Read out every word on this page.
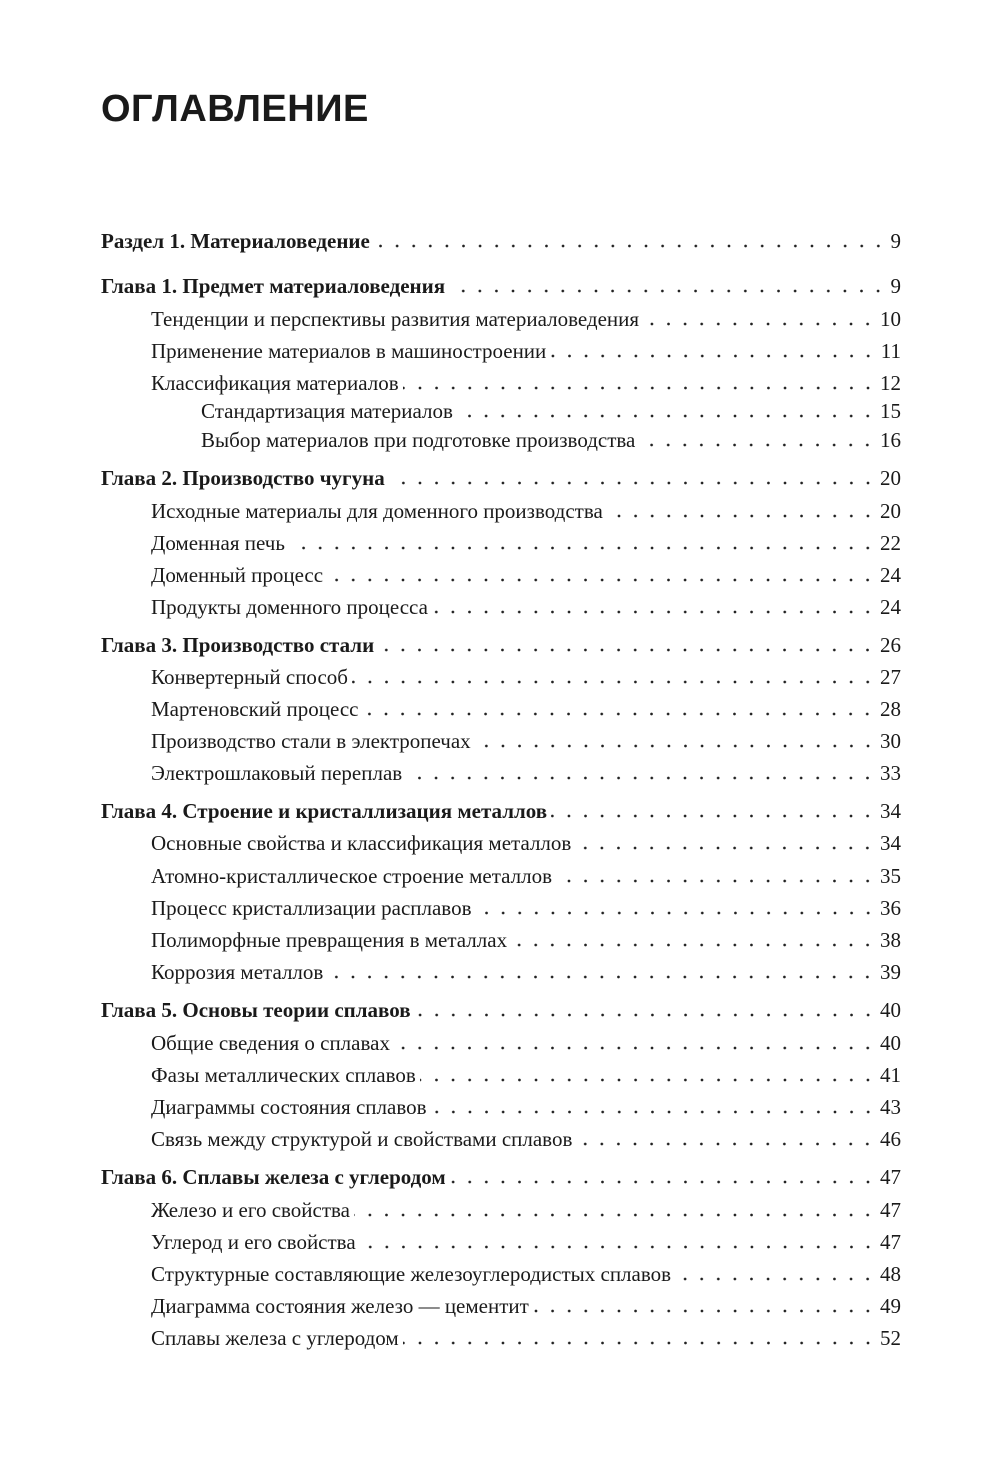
ОГЛАВЛЕНИЕ
Раздел 1. Материаловедение	9
Глава 1. Предмет материаловедения	9
Тенденции и перспективы развития материаловедения	10
Применение материалов в машиностроении	11
Классификация материалов	12
Стандартизация материалов	15
Выбор материалов при подготовке производства	16
Глава 2. Производство чугуна	20
Исходные материалы для доменного производства	20
Доменная печь	22
Доменный процесс	24
Продукты доменного процесса	24
Глава 3. Производство стали	26
Конвертерный способ	27
Мартеновский процесс	28
Производство стали в электропечах	30
Электрошлаковый переплав	33
Глава 4. Строение и кристаллизация металлов	34
Основные свойства и классификация металлов	34
Атомно-кристаллическое строение металлов	35
Процесс кристаллизации расплавов	36
Полиморфные превращения в металлах	38
Коррозия металлов	39
Глава 5. Основы теории сплавов	40
Общие сведения о сплавах	40
Фазы металлических сплавов	41
Диаграммы состояния сплавов	43
Связь между структурой и свойствами сплавов	46
Глава 6. Сплавы железа с углеродом	47
Железо и его свойства	47
Углерод и его свойства	47
Структурные составляющие железоуглеродистых сплавов	48
Диаграмма состояния железо — цементит	49
Сплавы железа с углеродом	52
